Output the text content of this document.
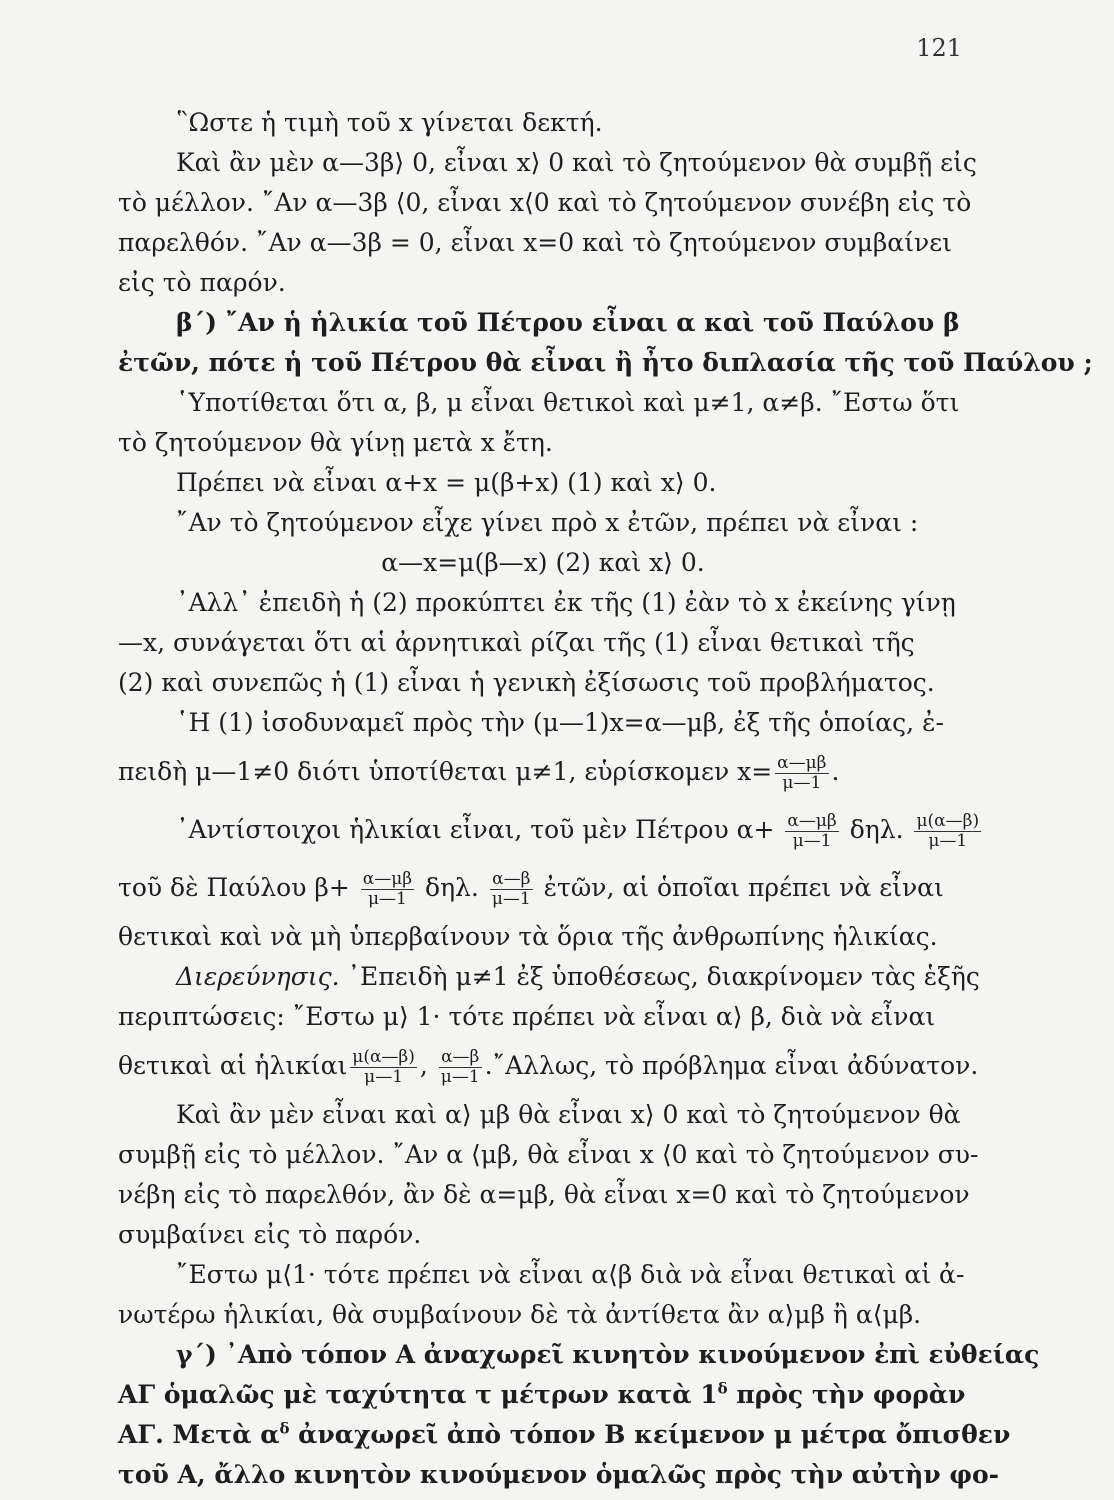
121
῝Ωστε ἡ τιμὴ τοῦ x γίνεται δεκτή.
Καὶ ἂν μὲν α—3β⟩ 0, εἶναι x⟩ 0 καὶ τὸ ζητούμενον θὰ συμβῇ εἰς
τὸ μέλλον. ῎Αν α—3β ⟨0, εἶναι x⟨0 καὶ τὸ ζητούμενον συνέβη εἰς τὸ
παρελθόν. ῎Αν α—3β = 0, εἶναι x=0 καὶ τὸ ζητούμενον συμβαίνει
εἰς τὸ παρόν.
β΄) ῎Αν ἡ ἡλικία τοῦ Πέτρου εἶναι α καὶ τοῦ Παύλου β
ἐτῶν, πότε ἡ τοῦ Πέτρου θὰ εἶναι ἢ ἦτο διπλασία τῆς τοῦ Παύλου ;
῾Υποτίθεται ὅτι α, β, μ εἶναι θετικοὶ καὶ μ≠1, α≠β. ῎Εστω ὅτι
τὸ ζητούμενον θὰ γίνῃ μετὰ x ἔτη.
Πρέπει νὰ εἶναι α+x = μ(β+x) (1) καὶ x⟩ 0.
῎Αν τὸ ζητούμενον εἶχε γίνει πρὸ x ἐτῶν, πρέπει νὰ εἶναι :
α—x=μ(β—x) (2) καὶ x⟩ 0.
᾽Αλλ᾽ ἐπειδὴ ἡ (2) προκύπτει ἐκ τῆς (1) ἐὰν τὸ x ἐκείνης γίνῃ
—x, συνάγεται ὅτι αἱ ἀρνητικαὶ ρίζαι τῆς (1) εἶναι θετικαὶ τῆς
(2) καὶ συνεπῶς ἡ (1) εἶναι ἡ γενικὴ ἐξίσωσις τοῦ προβλήματος.
῾Η (1) ἰσοδυναμεῖ πρὸς τὴν (μ—1)x=α—μβ, ἐξ τῆς ὁποίας, ἐ-
πειδὴ μ—1≠0 διότι ὑποτίθεται μ≠1, εὑρίσκομεν $x= \frac{\alpha—\mu\beta}{\mu—1}$ .
᾽Αντίστοιχοι ἡλικίαι εἶναι, τοῦ μὲν Πέτρου $\alpha+ \frac{\alpha—\mu\beta}{\mu—1} \delta\eta\lambda$. $\frac{\mu(\alpha—\beta)}{\mu—1}$
τοῦ δὲ Παύλου $\beta+ \frac{\alpha—\mu\beta}{\mu—1} \delta\eta\lambda$. $\frac{\alpha—\beta}{\mu—1}$ ἐτῶν, αἱ ὁποῖαι πρέπει νὰ εἶναι
θετικαὶ καὶ νὰ μὴ ὑπερβαίνουν τὰ ὅρια τῆς ἀνθρωπίνης ἡλικίας.
Διερεύνησις. ᾽Επειδὴ μ≠1 ἐξ ὑποθέσεως, διακρίνομεν τὰς ἑξῆς
περιπτώσεις: ῎Εστω μ⟩ 1· τότε πρέπει νὰ εἶναι α⟩ β, διὰ νὰ εἶναι
θετικαὶ αἱ ἡλικίαι $\frac{\mu(\alpha—\beta)}{\mu—1}$ , $\frac{\alpha—\beta}{\mu—1}$ .῎Αλλως, τὸ πρόβλημα εἶναι ἀδύνατον.
Καὶ ἂν μὲν εἶναι καὶ α⟩ μβ θὰ εἶναι x⟩ 0 καὶ τὸ ζητούμενον θὰ
συμβῇ εἰς τὸ μέλλον. ῎Αν α ⟨μβ, θὰ εἶναι x ⟨0 καὶ τὸ ζητούμενον συ-
νέβη εἰς τὸ παρελθόν, ἂν δὲ α=μβ, θὰ εἶναι x=0 καὶ τὸ ζητούμενον
συμβαίνει εἰς τὸ παρόν.
῎Εστω μ⟨1· τότε πρέπει νὰ εἶναι α⟨β διὰ νὰ εἶναι θετικαὶ αἱ ἀ-
νωτέρω ἡλικίαι, θὰ συμβαίνουν δὲ τὰ ἀντίθετα ἂν α⟩μβ ἢ α⟨μβ.
γ΄) ᾽Απὸ τόπον Α ἀναχωρεῖ κινητὸν κινούμενον ἐπὶ εὐθείας
ΑΓ ὁμαλῶς μὲ ταχύτητα τ μέτρων κατὰ $1^\delta$ πρὸς τὴν φορὰν
ΑΓ. Μετὰ $\alpha^\delta$ ἀναχωρεῖ ἀπὸ τόπον Β κείμενον μ μέτρα ὄπισθεν
τοῦ Α, ἄλλο κινητὸν κινούμενον ὁμαλῶς πρὸς τὴν αὐτὴν φο-
